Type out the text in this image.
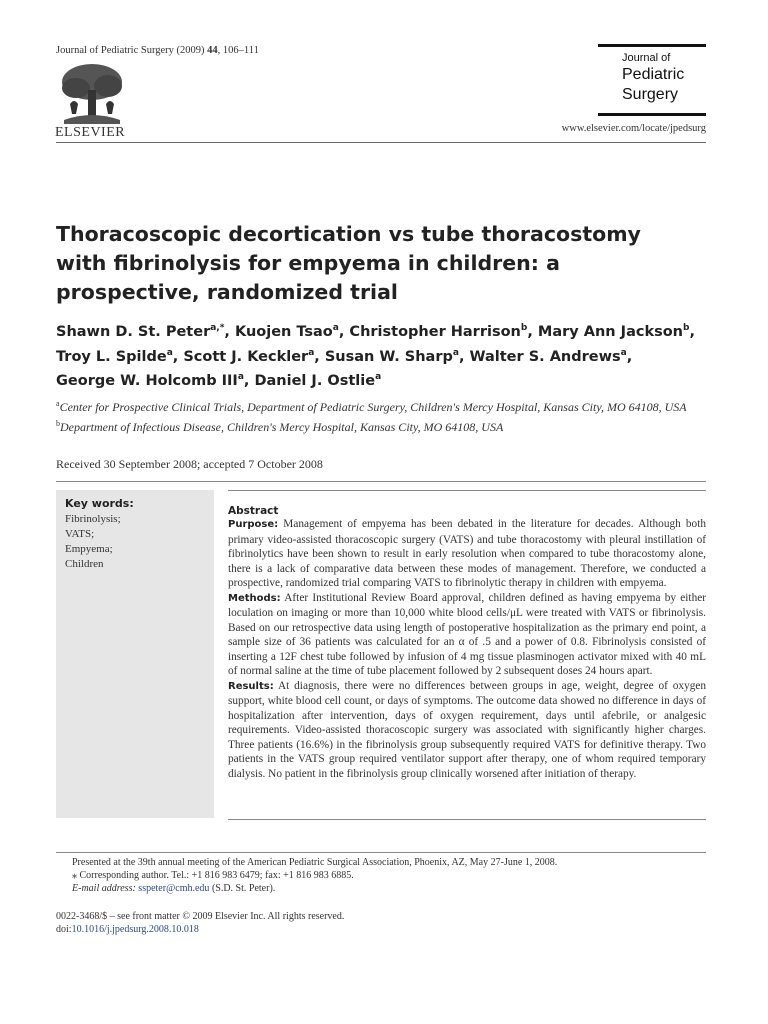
Journal of Pediatric Surgery (2009) 44, 106–111
ELSEVIER
Journal of
Pediatric
Surgery
www.elsevier.com/locate/jpedsurg
Thoracoscopic decortication vs tube thoracostomy with fibrinolysis for empyema in children: a prospective, randomized trial
Shawn D. St. Peter$^{a,*}$, Kuojen Tsao$^a$, Christopher Harrison$^b$, Mary Ann Jackson$^b$,
Troy L. Spilde$^a$, Scott J. Keckler$^a$, Susan W. Sharp$^a$, Walter S. Andrews$^a$,
George W. Holcomb III$^a$, Daniel J. Ostlie$^a$
$^a$Center for Prospective Clinical Trials, Department of Pediatric Surgery, Children's Mercy Hospital, Kansas City, MO 64108, USA
$^b$Department of Infectious Disease, Children's Mercy Hospital, Kansas City, MO 64108, USA
Received 30 September 2008; accepted 7 October 2008
Key words:
Fibrinolysis;
VATS;
Empyema;
Children
Abstract

Purpose: Management of empyema has been debated in the literature for decades. Although both primary video-assisted thoracoscopic surgery (VATS) and tube thoracostomy with pleural instillation of fibrinolytics have been shown to result in early resolution when compared to tube thoracostomy alone, there is a lack of comparative data between these modes of management. Therefore, we conducted a prospective, randomized trial comparing VATS to fibrinolytic therapy in children with empyema.

Methods: After Institutional Review Board approval, children defined as having empyema by either loculation on imaging or more than 10,000 white blood cells/μL were treated with VATS or fibrinolysis. Based on our retrospective data using length of postoperative hospitalization as the primary end point, a sample size of 36 patients was calculated for an α of .5 and a power of 0.8. Fibrinolysis consisted of inserting a 12F chest tube followed by infusion of 4 mg tissue plasminogen activator mixed with 40 mL of normal saline at the time of tube placement followed by 2 subsequent doses 24 hours apart.

Results: At diagnosis, there were no differences between groups in age, weight, degree of oxygen support, white blood cell count, or days of symptoms. The outcome data showed no difference in days of hospitalization after intervention, days of oxygen requirement, days until afebrile, or analgesic requirements. Video-assisted thoracoscopic surgery was associated with significantly higher charges. Three patients (16.6%) in the fibrinolysis group subsequently required VATS for definitive therapy. Two patients in the VATS group required ventilator support after therapy, one of whom required temporary dialysis. No patient in the fibrinolysis group clinically worsened after initiation of therapy.

Presented at the 39th annual meeting of the American Pediatric Surgical Association, Phoenix, AZ, May 27-June 1, 2008.
⁎ Corresponding author. Tel.: +1 816 983 6479; fax: +1 816 983 6885.
E-mail address: sspeter@cmh.edu (S.D. St. Peter).
0022-3468/$ – see front matter © 2009 Elsevier Inc. All rights reserved.
doi:10.1016/j.jpedsurg.2008.10.018
